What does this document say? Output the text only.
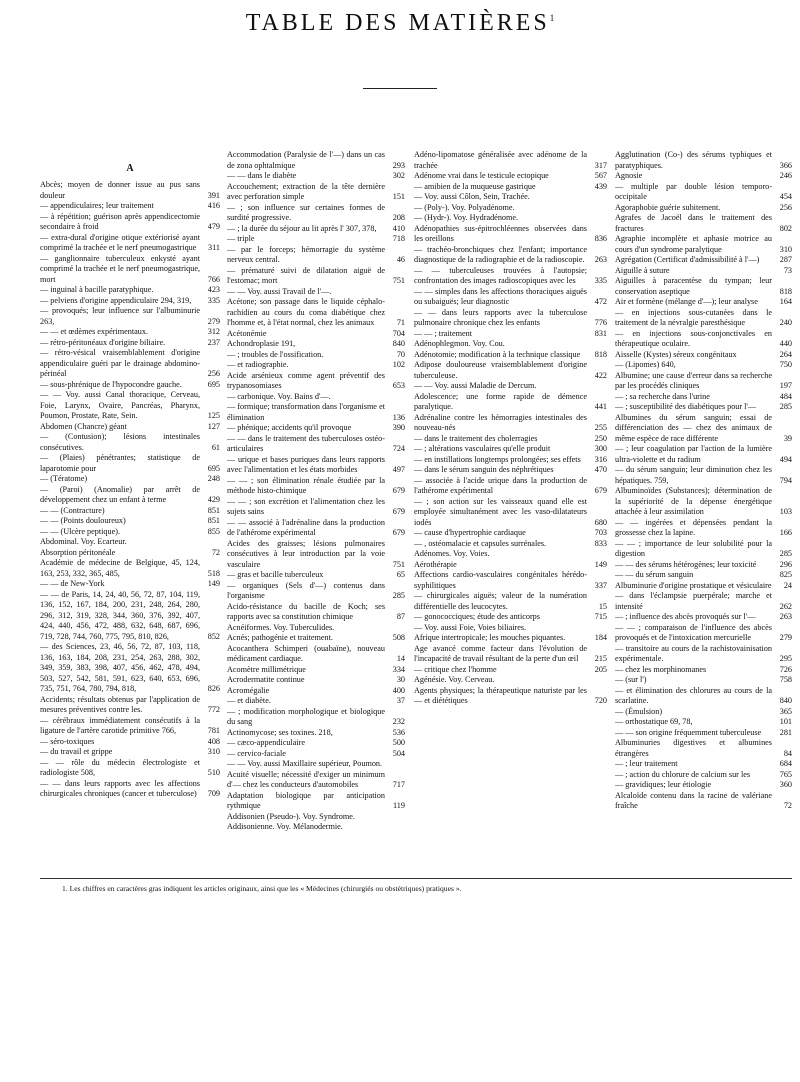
TABLE DES MATIÈRES$^1$
A
Abcès; moyen de donner issue au pus sans douleur	391
— appendiculaires; leur traitement	416
— à répétition; guérison après appendicectomie secondaire à froid	479
— extra-dural d'origine otique extériorisé ayant comprimé la trachée et le nerf pneumogastrique	311
— ganglionnaire tuberculeux enkysté ayant comprimé la trachée et le nerf pneumogastrique, mort	766
— inguinal à bacille paratyphique.	423
— pelviens d'origine appendiculaire 294, 319,	335
— provoqués; leur influence sur l'albuminurie 263,	279
— — et œdèmes expérimentaux.	312
— rétro-péritonéaux d'origine biliaire.	237
— rétro-vésical vraisemblablement d'origine appendiculaire guéri par le drainage abdomino-périnéal	256
— sous-phrénique de l'hypocondre gauche.	695
— — Voy. aussi Canal thoracique, Cerveau, Foie, Larynx, Ovaire, Pancréas, Pharynx, Poumon, Prostate, Rate, Sein.	125
Abdomen (Chancre) géant	127
— (Contusion); lésions intestinales consécutives.	61
— (Plaies) pénétrantes; statistique de laparotomie pour	695
— (Tératome)	248
— (Paroi) (Anomalie) par arrêt de développement chez un enfant à terme	429
— — (Contracture)	851
— — (Points douloureux)	851
— — (Ulcère peptique).	855
Abdominal. Voy. Ecarteur.
Absorption péritonéale	72
Académie de médecine de Belgique, 45, 124, 163, 253, 332, 365, 485,	518
— — de New-York	149
— — de Paris, 14, 24, 40, 56, 72, 87, 104, 119, 136, 152, 167, 184, 200, 231, 248, 264, 280, 296, 312, 319, 328, 344, 360, 376, 392, 407, 424, 440, 456, 472, 488, 632, 648, 687, 696, 719, 728, 744, 760, 775, 795, 810, 826,	852
— des Sciences, 23, 46, 56, 72, 87, 103, 118, 136, 163, 184, 208, 231, 254, 263, 288, 302, 349, 359, 383, 398, 407, 456, 462, 478, 494, 503, 527, 542, 581, 591, 623, 640, 653, 696, 735, 751, 764, 780, 794, 818,	826
Accidents; résultats obtenus par l'application de mesures préventives contre les.	772
— cérébraux immédiatement consécutifs à la ligature de l'artère carotide primitive 766,	781
— séro-toxiques	408
— du travail et grippe	310
— — rôle du médecin électrologiste et radiologiste 508,	510
— — dans leurs rapports avec les affections chirurgicales chroniques (cancer et tuberculose)	709
Accommodation (Paralysie de l'—) dans un cas de zona ophtalmique	293
— — dans le diabète	302
Accouchement; extraction de la tête dernière avec perforation simple	151
— ; son influence sur certaines formes de surdité progressive.	208
— ; la durée du séjour au lit après l' 307, 378,	410
— triple	718
— par le forceps; hémorragie du système nerveux central.	46
— prématuré suivi de dilatation aiguë de l'estomac; mort	751
— — Voy. aussi Travail de l'—.
Acétone; son passage dans le liquide céphalo-rachidien au cours du coma diabétique chez l'homme et, à l'état normal, chez les animaux	71
Acétonémie	704
Achondroplasie 191,	840
— ; troubles de l'ossification.	70
— et radiographie.	102
Acide arsénieux comme agent préventif des trypanosomiases	653
— carbonique. Voy. Bains d'—.
— formique; transformation dans l'organisme et élimination	136
— phénique; accidents qu'il provoque	390
— — dans le traitement des tuberculoses ostéo-articulaires	724
— urique et bases puriques dans leurs rapports avec l'alimentation et les états morbides	497
— — ; son élimination rénale étudiée par la méthode histo-chimique	679
— — ; son excrétion et l'alimentation chez les sujets sains	679
— — associé à l'adrénaline dans la production de l'athérome expérimental	679
Acides des graisses; lésions pulmonaires consécutives à leur introduction par la voie vasculaire	751
— gras et bacille tuberculeux	65
— organiques (Sels d'—) contenus dans l'organisme	285
Acido-résistance du bacille de Koch; ses rapports avec sa constitution chimique	87
Acnéiformes. Voy. Tuberculides.
Acnés; pathogénie et traitement.	508
Acocanthera Schimperi (ouabaïne), nouveau médicament cardiaque.	14
Acomètre millimétrique	334
Acrodermatite continue	30
Acromégalie	400
— et diabète.	37
— ; modification morphologique et biologique du sang	232
Actinomycose; ses toxines. 218,	536
— cæco-appendiculaire	500
— cervico-faciale	504
— — Voy. aussi Maxillaire supérieur, Poumon.
Acuité visuelle; nécessité d'exiger un minimum d'— chez les conducteurs d'automobiles	717
Adaptation biologique par anticipation rythmique	119
Addisonien (Pseudo-). Voy. Syndrome.
Addisonienne. Voy. Mélanodermie.
Adéno-lipomatose généralisée avec adénome de la trachée	317
Adénome vrai dans le testicule ectopique	567
— amibien de la muqueuse gastrique	439
— Voy. aussi Côlon, Sein, Trachée.
— (Poly-). Voy. Polyadénome.
— (Hydr-). Voy. Hydradénome.
Adénopathies sus-épitrochléennes observées dans les oreillons	836
— trachéo-bronchiques chez l'enfant; importance diagnostique de la radiographie et de la radioscopie.	263
— — tuberculeuses trouvées à l'autopsie; confrontation des images radioscopiques avec les	335
— — simples dans les affections thoraciques aiguës ou subaiguës; leur diagnostic	472
— — dans leurs rapports avec la tuberculose pulmonaire chronique chez les enfants	776
— — ; traitement	831
Adénophlegmon. Voy. Cou.
Adénotomie; modification à la technique classique	818
Adipose douloureuse vraisemblablement d'origine tuberculeuse.	422
— — Voy. aussi Maladie de Dercum.
Adolescence; une forme rapide de démence paralytique.	441
Adrénaline contre les hémorragies intestinales des nouveau-nés	255
— dans le traitement des cholerragies	250
— ; altérations vasculaires qu'elle produit	300
— en instillations longtemps prolongées; ses effets	316
— dans le sérum sanguin des néphrétiques	470
— associée à l'acide urique dans la production de l'athérome expérimental	679
— ; son action sur les vaisseaux quand elle est employée simultanément avec les vaso-dilatateurs iodés	680
— cause d'hypertrophie cardiaque	703
— , ostéomalacie et capsules surrénales.	833
Adénomes. Voy. Voies.
Aérothérapie	149
Affections cardio-vasculaires congénitales hérédo-syphilitiques	337
— chirurgicales aiguës; valeur de la numération différentielle des leucocytes.	15
— gonococciques; étude des anticorps	715
— Voy. aussi Foie, Voies biliaires.
Afrique intertropicale; les mouches piquantes.	184
Age avancé comme facteur dans l'évolution de l'incapacité de travail résultant de la perte d'un œil	215
— critique chez l'homme	205
Agénésie. Voy. Cerveau.
Agents physiques; la thérapeutique naturiste par les — et diététiques	720
Agglutination (Co-) des sérums typhiques et paratyphiques.	366
Agnosie	246
— multiple par double lésion temporo-occipitale	454
Agoraphobie guérie subitement.	256
Agrafes de Jacoël dans le traitement des fractures	802
Agraphie incomplète et aphasie motrice au cours d'un syndrome paralytique	310
Agrégation (Certificat d'admissibilité à l'—)	287
Aiguille à suture	73
Aiguilles à paracentèse du tympan; leur conservation aseptique	818
Air et formène (mélange d'—); leur analyse	164
— en injections sous-cutanées dans le traitement de la névralgie paresthésique	240
— en injections sous-conjonctivales en thérapeutique oculaire.	440
Aisselle (Kystes) séreux congénitaux	264
— (Lipomes) 640,	750
Albumine; une cause d'erreur dans sa recherche par les procédés cliniques	197
— ; sa recherche dans l'urine	484
— ; susceptibilité des diabétiques pour l'—	285
Albumines du sérum sanguin; essai de différenciation des — chez des animaux de même espèce de race différente	39
— ; leur coagulation par l'action de la lumière ultra-violette et du radium	494
— du sérum sanguin; leur diminution chez les hépatiques. 759,	794
Albuminoïdes (Substances); détermination de la supériorité de la dépense énergétique attachée à leur assimilation	103
— — ingérées et dépensées pendant la grossesse chez la lapine.	166
— — ; importance de leur solubilité pour la digestion	285
— — des sérums hétérogènes; leur toxicité	296
— — du sérum sanguin	825
Albuminurie d'origine prostatique et vésiculaire	24
— dans l'éclampsie puerpérale; marche et intensité	262
— ; influence des abcès provoqués sur l'—	263
— — ; comparaison de l'influence des abcès provoqués et de l'intoxication mercurielle	279
— transitoire au cours de la rachistovainisation expérimentale.	295
— chez les morphinomanes	726
— (sur l')	758
— et élimination des chlorures au cours de la scarlatine.	840
— (Émulsion)	365
— orthostatique 69, 78,	101
— — son origine fréquemment tuberculeuse	281
Albuminuries digestives et albumines étrangères	84
— ; leur traitement	684
— ; action du chlorure de calcium sur les	765
— gravidiques; leur étiologie	360
Alcaloïde contenu dans la racine de valériane fraîche	72
1. Les chiffres en caractères gras indiquent les articles originaux, ainsi que les « Médecines (chirurgiés ou obstétriques) pratiques ».
